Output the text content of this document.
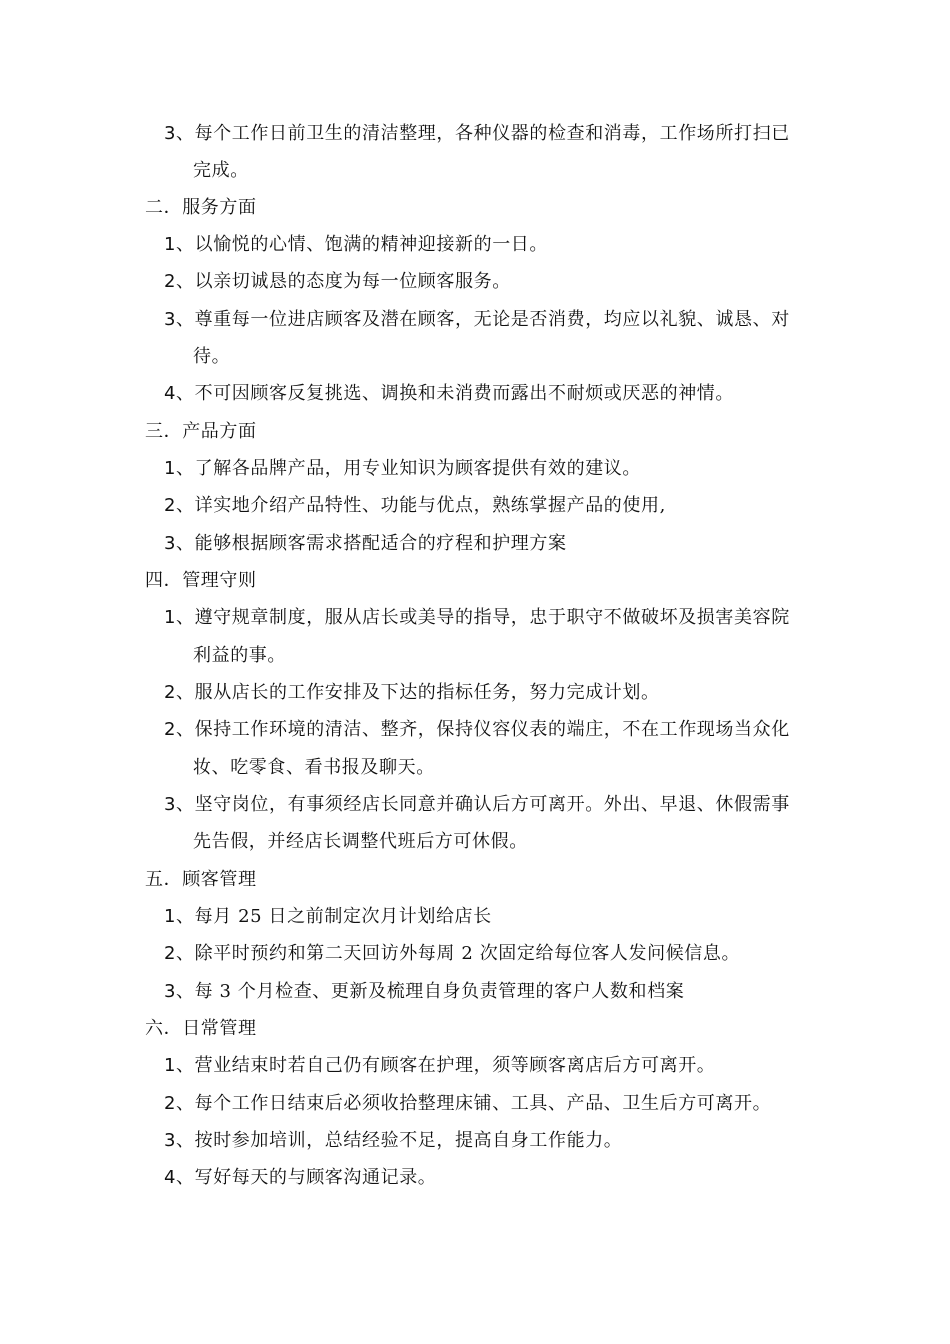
3、每个工作日前卫生的清洁整理，各种仪器的检查和消毒，工作场所打扫已
完成。
二．服务方面
1、以愉悦的心情、饱满的精神迎接新的一日。
2、以亲切诚恳的态度为每一位顾客服务。
3、尊重每一位进店顾客及潜在顾客，无论是否消费，均应以礼貌、诚恳、对
待。
4、不可因顾客反复挑选、调换和未消费而露出不耐烦或厌恶的神情。
三．产品方面
1、了解各品牌产品，用专业知识为顾客提供有效的建议。
2、详实地介绍产品特性、功能与优点，熟练掌握产品的使用,
3、能够根据顾客需求搭配适合的疗程和护理方案
四．管理守则
1、遵守规章制度，服从店长或美导的指导，忠于职守不做破坏及损害美容院
利益的事。
2、服从店长的工作安排及下达的指标任务，努力完成计划。
2、保持工作环境的清洁、整齐，保持仪容仪表的端庄，不在工作现场当众化
妆、吃零食、看书报及聊天。
3、坚守岗位，有事须经店长同意并确认后方可离开。外出、早退、休假需事
先告假，并经店长调整代班后方可休假。
五．顾客管理
1、每月 25 日之前制定次月计划给店长
2、除平时预约和第二天回访外每周 2 次固定给每位客人发问候信息。
3、每 3 个月检查、更新及梳理自身负责管理的客户人数和档案
六．日常管理
1、营业结束时若自己仍有顾客在护理，须等顾客离店后方可离开。
2、每个工作日结束后必须收拾整理床铺、工具、产品、卫生后方可离开。
3、按时参加培训，总结经验不足，提高自身工作能力。
4、写好每天的与顾客沟通记录。
